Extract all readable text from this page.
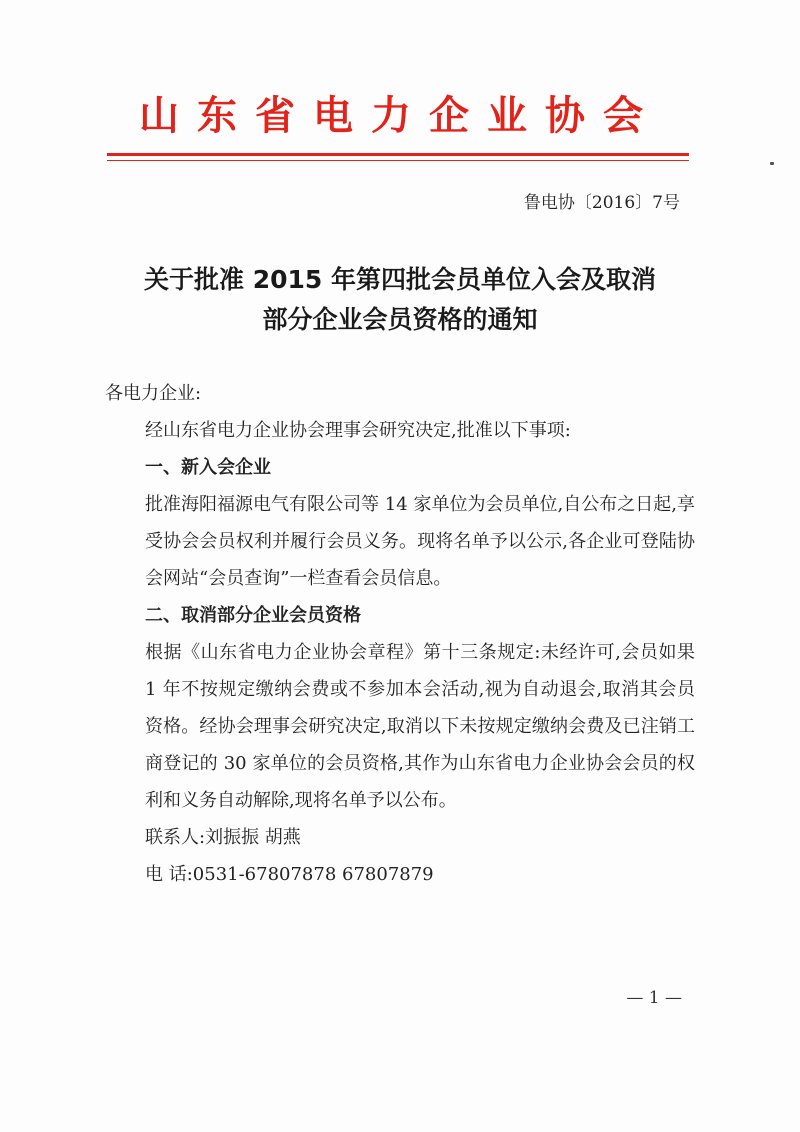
山东省电力企业协会
鲁电协〔2016〕7号
关于批准 2015 年第四批会员单位入会及取消
部分企业会员资格的通知

各电力企业:

经山东省电力企业协会理事会研究决定,批准以下事项:

一、新入会企业

批准海阳福源电气有限公司等 14 家单位为会员单位,自公布之日起,享受协会会员权利并履行会员义务。现将名单予以公示,各企业可登陆协会网站“会员查询”一栏查看会员信息。

二、取消部分企业会员资格

根据《山东省电力企业协会章程》第十三条规定:未经许可,会员如果 1 年不按规定缴纳会费或不参加本会活动,视为自动退会,取消其会员资格。经协会理事会研究决定,取消以下未按规定缴纳会费及已注销工商登记的 30 家单位的会员资格,其作为山东省电力企业协会会员的权利和义务自动解除,现将名单予以公布。

联系人:刘振振 胡燕

电 话:0531-67807878 67807879

— 1 —
